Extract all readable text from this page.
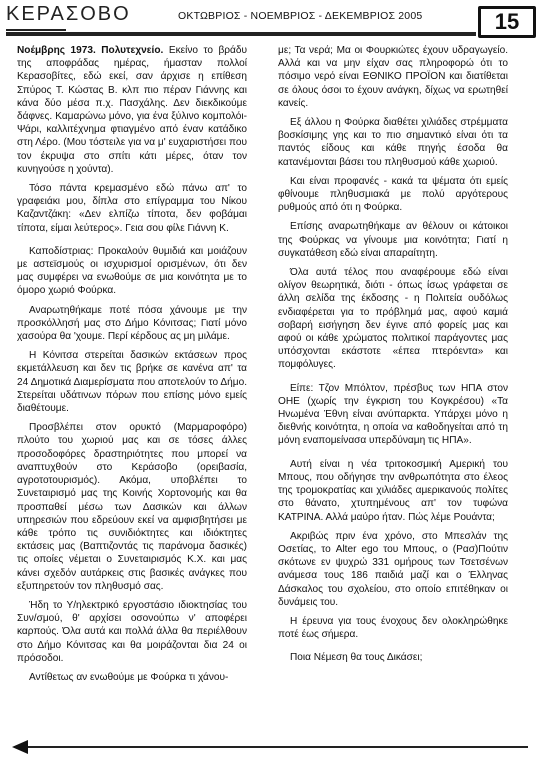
ΚΕΡΑΣΟΒΟ	ΟΚΤΩΒΡΙΟΣ - ΝΟΕΜΒΡΙΟΣ - ΔΕΚΕΜΒΡΙΟΣ 2005	15

Νοέμβρης 1973. Πολυτεχνείο. Εκείνο το βράδυ της αποφράδας ημέρας, ήμασταν πολλοί Κερασοβίτες, εδώ εκεί, σαν άρχισε η επίθεση Σπύρος Τ. Κώστας Β. κλπ πιο πέραν Γιάννης και κάνα δύο μέσα π.χ. Πασχάλης. Δεν διεκδικούμε δάφνες. Καμαρώνω μόνο, για ένα ξύλινο κομπολόι- Ψάρι, καλλιτέχνημα φτιαγμένο από έναν κατάδικο στη Λέρο. (Μου τόστειλε για να μ' ευχαριστήσει που τον έκρυψα στο σπίτι κάτι μέρες, όταν τον κυνηγούσε η χούντα).

Τόσο πάντα κρεμασμένο εδώ πάνω απ' το γραφειάκι μου, δίπλα στο επίγραμμα του Νίκου Καζαντζάκη: «Δεν ελπίζω τίποτα, δεν φοβάμαι τίποτα, είμαι λεύτερος». Γεια σου φίλε Γιάννη Κ.

Καποδίστριας: Προκαλούν θυμιδιά και μοιάζουν με αστεϊσμούς οι ισχυρισμοί ορισμένων, ότι δεν μας συμφέρει να ενωθούμε σε μια κοινότητα με το όμορο χωριό Φούρκα.

Αναρωτηθήκαμε πoτέ πόσα χάνουμε με την προσκόλλησή μας στο Δήμο Κόνιτσας; Γιατί μόνο χασούρα θα 'χουμε. Περί κέρδους ας μη μιλάμε.

Η Κόνιτσα στερείται δασικών εκτάσεων προς εκμετάλλευση και δεν τις βρήκε σε κανένα απ' τα 24 Δημοτικά Διαμερίσματα που αποτελούν το Δήμο. Στερείται υδάτινων πόρων που επίσης μόνο εμείς διαθέτουμε.

Προσβλέπει στον ορυκτό (Μαρμαροφόρο) πλούτο του χωριού μας και σε τόσες άλλες προσοδοφόρες δραστηριότητες που μπορεί να αναπτυχθούν στο Κεράσοβο (ορειβασία, αγροτοτουρισμός). Ακόμα, υποβλέπει το Συνεταιρισμό μας της Κοινής Χορτονομής και θα προσπαθεί μέσω των Δασικών και άλλων υπηρεσιών που εδρεύουν εκεί να αμφισβητήσει με κάθε τρόπο τις συνιδιόκτητες και ιδιόκτητες εκτάσεις μας (Βαπτιζοντάς τις παράνομα δασικές) τις οποίες νέμεται ο Συνεταιρισμός Κ.Χ. και μας κάνει σχεδόν αυτάρκεις στις βασικές ανάγκες που εξυπηρετούν τον πληθυσμό σας.

Ήδη το Υ/ηλεκτρικό εργοστάσιο ιδιοκτησίας του Συν/σμού, θ' αρχίσει οσονούπω ν' αποφέρει καρπούς. Όλα αυτά και πολλά άλλα θα περιέλθουν στο Δήμο Κόνιτσας και θα μοιράζονται δια 24 οι πρόσοδοι.

Αντίθετως αν ενωθούμε με Φούρκα τι χάνου-

με; Τα νερά; Μα οι Φουρκιώτες έχουν υδραγωγείο. Αλλά και να μην είχαν σας πληροφορώ ότι το πόσιμο νερό είναι ΕΘΝΙΚΟ ΠΡΟΪΟΝ και διατίθεται σε όλους όσοι το έχουν ανάγκη, δίχως να ερωτηθεί κανείς.

Εξ άλλου η Φούρκα διαθέτει χιλιάδες στρέμματα βοσκίσιμης γης και το πιο σημαντικό είναι ότι τα παντός είδους και κάθε πηγής έσοδα θα κατανέμονται βάσει του πληθυσμού κάθε χωριού.

Και είναι προφανές - κακά τα ψέματα ότι εμείς φθίνουμε πληθυσμιακά με πολύ αργότερους ρυθμούς από ότι η Φούρκα.

Επίσης αναρωτηθήκαμε αν θέλουν οι κάτοικοι της Φούρκας να γίνουμε μια κοινότητα; Γιατί η συγκατάθεση εδώ είναι απαραίτητη.

Όλα αυτά τέλος που αναφέρουμε εδώ είναι ολίγον θεωρητικά, διότι - όπως ίσως γράφεται σε άλλη σελίδα της έκδοσης - η Πολιτεία ουδόλως ενδιαφέρεται για το πρόβλημά μας, αφού καμιά σοβαρή εισήγηση δεν έγινε από φορείς μας και αφού οι κάθε χρώματος πολιτικοί παράγοντες μας υπόσχονται εκάστοτε «έπεα πτερόεντα» και πομφόλυγες.

Είπε: Τζον Μπόλτον, πρέσβυς των ΗΠΑ στον ΟΗΕ (χωρίς την έγκριση του Κογκρέσου) «Τα Ηνωμένα Έθνη είναι ανύπαρκτα. Υπάρχει μόνο η διεθνής κοινότητα, η οποία να καθοδηγείται από τη μόνη εναπομείνασα υπερδύναμη τις ΗΠΑ».

Αυτή είναι η νέα τριτοκοσμική Αμερική του Μπους, που οδήγησε την ανθρωπότητα στο έλεος της τρομοκρατίας και χιλιάδες αμερικανούς πολίτες στο θάνατο, χτυπημένους απ' τον τυφώνα ΚΑΤΡΙΝΑ. Αλλά μαύρο ήταν. Πώς λέμε Ρουάντα;

Ακριβώς πριν ένα χρόνο, στο Μπεσλάν της Οσετίας, το Alter ego του Μπους, ο (Ρασ)Πούτιν σκότωνε εν ψυχρώ 331 ομήρους των Τσετσένων ανάμεσα τους 186 παιδιά μαζί και ο Έλληνας Δάσκαλος του σχολείου, στο οποίο επιτέθηκαν οι δυνάμεις του.

Η έρευνα για τους ένοχους δεν ολοκληρώθηκε ποτέ έως σήμερα.

Ποια Νέμεση θα τους Δικάσει;
